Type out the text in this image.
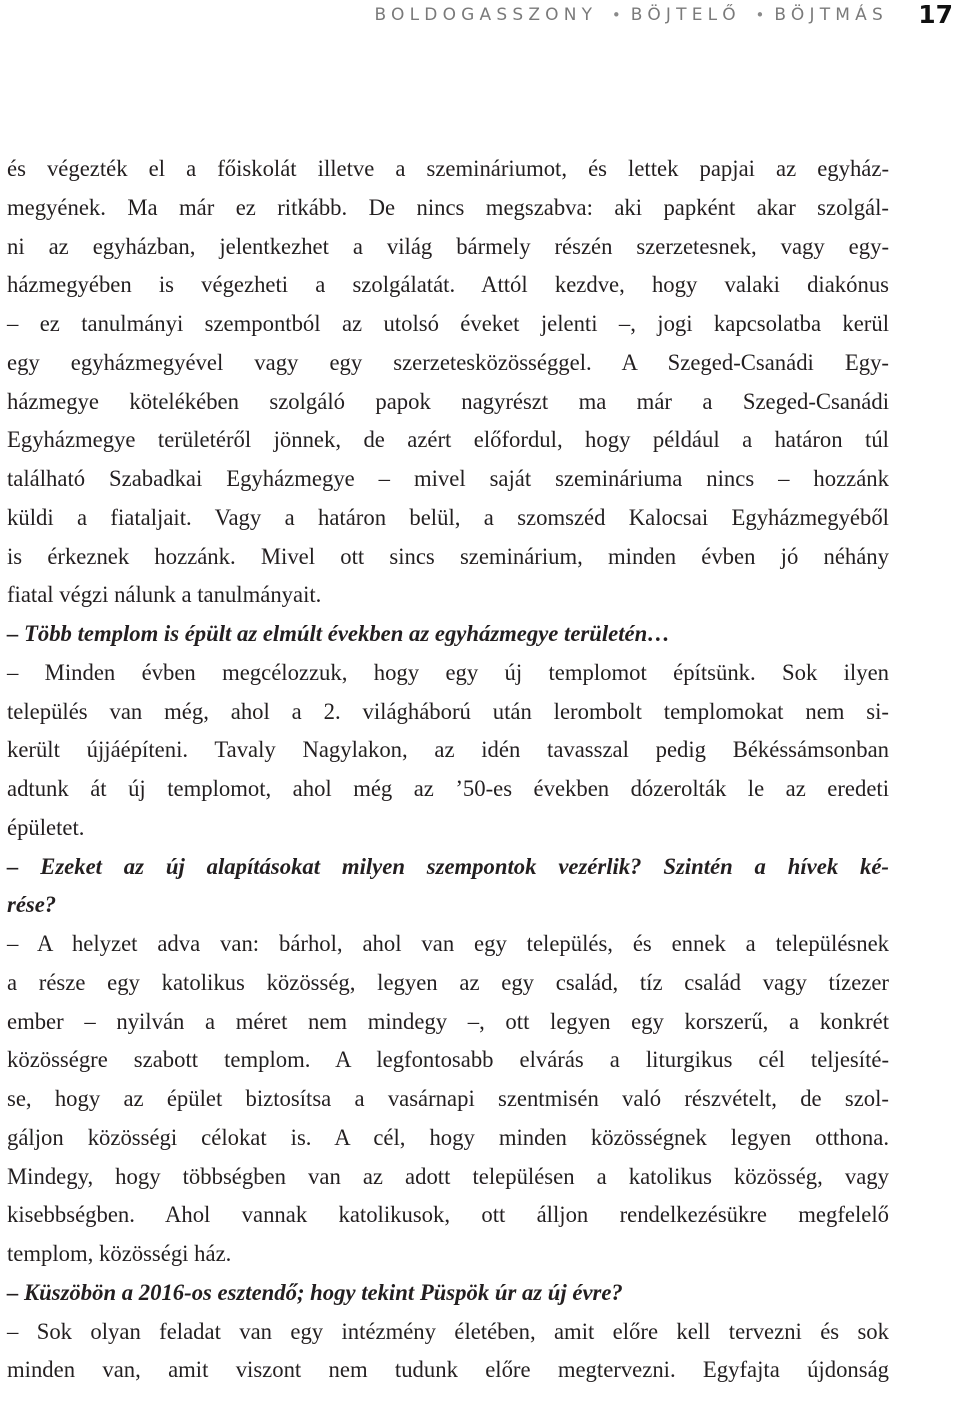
BOLDOGASSZONY • BÖJTELŐ • BÖJTMÁS 17
és végezték el a főiskolát illetve a szemináriumot, és lettek papjai az egyház-
megyének. Ma már ez ritkább. De nincs megszabva: aki papként akar szolgál-
ni az egyházban, jelentkezhet a világ bármely részén szerzetesnek, vagy egy-
házmegyében is végezheti a szolgálatát. Attól kezdve, hogy valaki diakónus
– ez tanulmányi szempontból az utolsó éveket jelenti –, jogi kapcsolatba kerül
egy egyházmegyével vagy egy szerzetesközösséggel. A Szeged-Csanádi Egy-
házmegye kötelékében szolgáló papok nagyrészt ma már a Szeged-Csanádi
Egyházmegye területéről jönnek, de azért előfordul, hogy például a határon túl
található Szabadkai Egyházmegye – mivel saját szemináriuma nincs – hozzánk
küldi a fiataljait. Vagy a határon belül, a szomszéd Kalocsai Egyházmegyéből
is érkeznek hozzánk. Mivel ott sincs szeminárium, minden évben jó néhány
fiatal végzi nálunk a tanulmányait.
– Több templom is épült az elmúlt években az egyházmegye területén…
– Minden évben megcélozzuk, hogy egy új templomot építsünk. Sok ilyen
település van még, ahol a 2. világháború után lerombolt templomokat nem si-
került újjáépíteni. Tavaly Nagylakon, az idén tavasszal pedig Békéssámsonban
adtunk át új templomot, ahol még az ’50-es években dózerolták le az eredeti
épületet.
– Ezeket az új alapításokat milyen szempontok vezérlik? Szintén a hívek ké-
rése?
– A helyzet adva van: bárhol, ahol van egy település, és ennek a településnek
a része egy katolikus közösség, legyen az egy család, tíz család vagy tízezer
ember – nyilván a méret nem mindegy –, ott legyen egy korszerű, a konkrét
közösségre szabott templom. A legfontosabb elvárás a liturgikus cél teljesíté-
se, hogy az épület biztosítsa a vasárnapi szentmisén való részvételt, de szol-
gáljon közösségi célokat is. A cél, hogy minden közösségnek legyen otthona.
Mindegy, hogy többségben van az adott településen a katolikus közösség, vagy
kisebbségben. Ahol vannak katolikusok, ott álljon rendelkezésükre megfelelő
templom, közösségi ház.
– Küszöbön a 2016-os esztendő; hogy tekint Püspök úr az új évre?
– Sok olyan feladat van egy intézmény életében, amit előre kell tervezni és sok
minden van, amit viszont nem tudunk előre megtervezni. Egyfajta újdonság
